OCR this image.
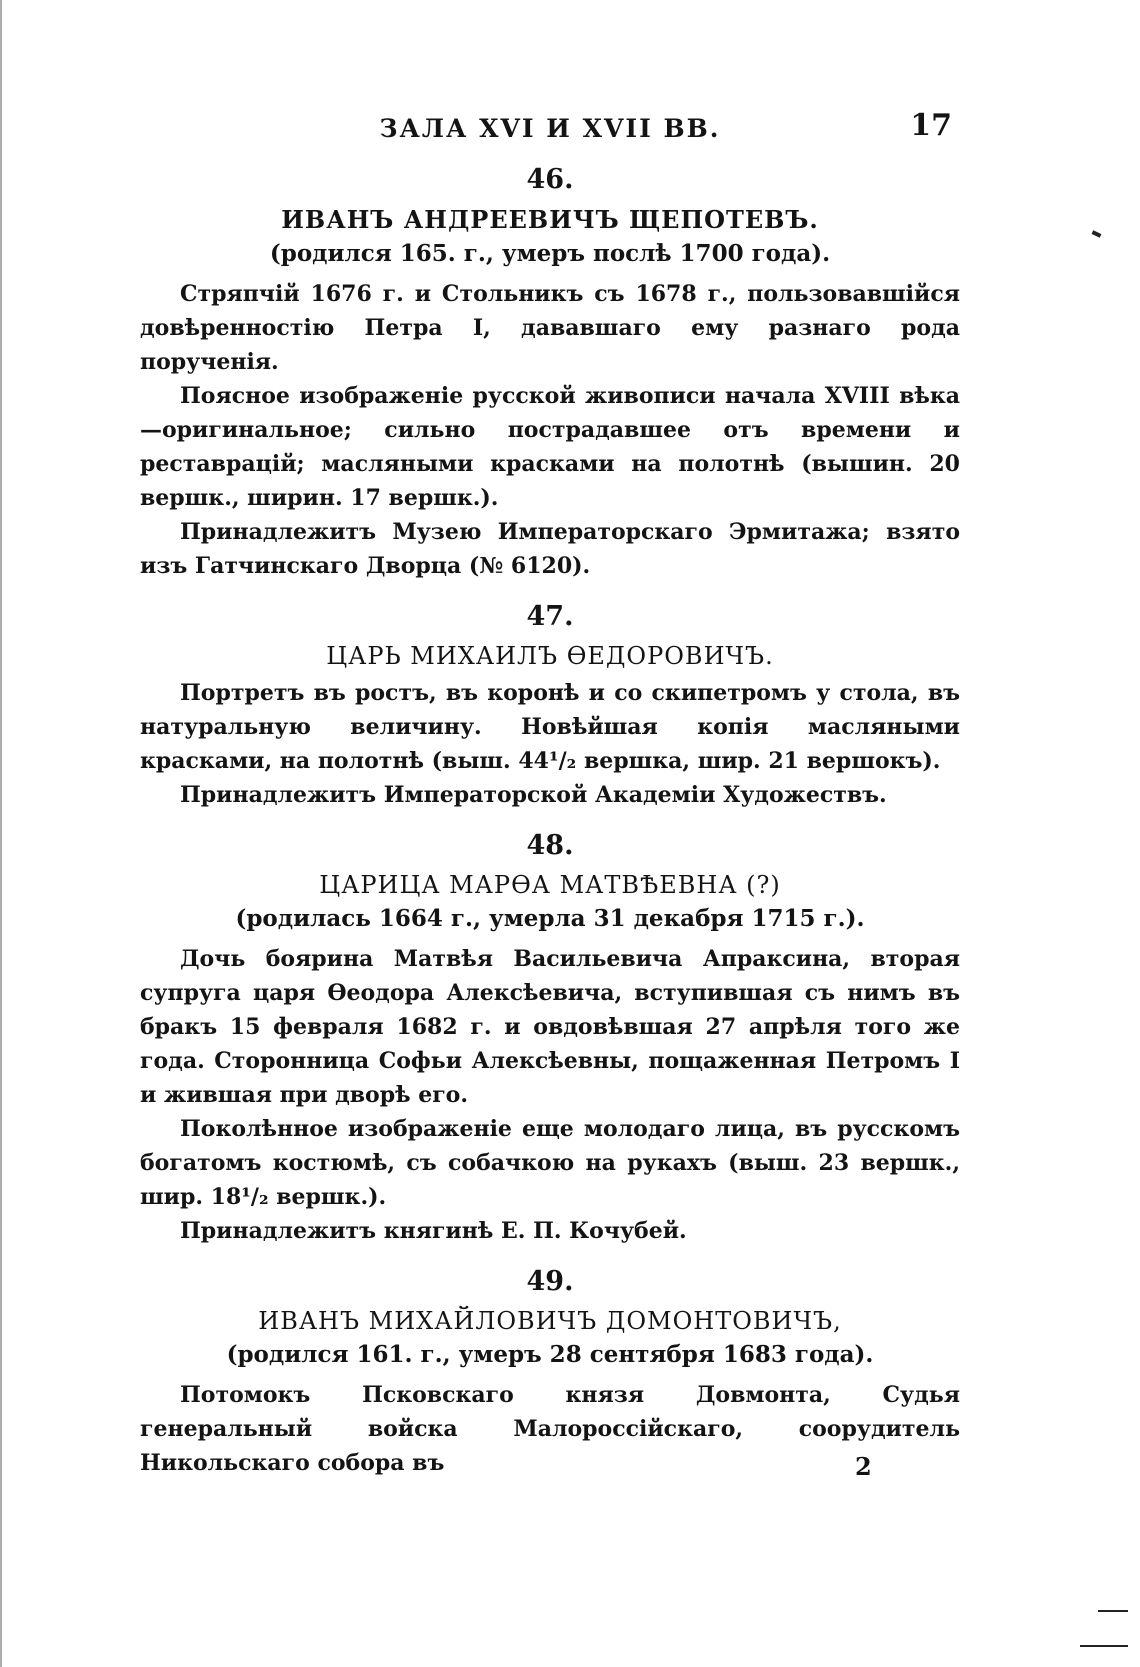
ЗАЛА XVI И XVII ВВ.	17
46.
ИВАНЪ АНДРЕЕВИЧЪ ЩЕПОТЕВЪ.
(родился 165. г., умеръ послѣ 1700 года).

Стряпчій 1676 г. и Стольникъ съ 1678 г., пользовавшійся довѣренностію Петра I, дававшаго ему разнаго рода порученія.

Поясное изображеніе русской живописи начала XVIII вѣка—оригинальное; сильно пострадавшее отъ времени и реставрацій; масляными красками на полотнѣ (вышин. 20 вершк., ширин. 17 вершк.).

Принадлежитъ Музею Императорскаго Эрмитажа; взято изъ Гатчинскаго Дворца (№ 6120).

47.
ЦАРЬ МИХАИЛЪ ѲЕДОРОВИЧЪ.

Портретъ въ ростъ, въ коронѣ и со скипетромъ у стола, въ натуральную величину. Новѣйшая копія масляными красками, на полотнѣ (выш. 44¹/₂ вершка, шир. 21 вершокъ).

Принадлежитъ Императорской Академіи Художествъ.

48.
ЦАРИЦА МАРѲА МАТВѢЕВНА (?)
(родилась 1664 г., умерла 31 декабря 1715 г.).

Дочь боярина Матвѣя Васильевича Апраксина, вторая супруга царя Ѳеодора Алексѣевича, вступившая съ нимъ въ бракъ 15 февраля 1682 г. и овдовѣвшая 27 апрѣля того же года. Сторонница Софьи Алексѣевны, пощаженная Петромъ I и жившая при дворѣ его.

Поколѣнное изображеніе еще молодаго лица, въ русскомъ богатомъ костюмѣ, съ собачкою на рукахъ (выш. 23 вершк., шир. 18¹/₂ вершк.).

Принадлежитъ княгинѣ Е. П. Кочубей.

49.
ИВАНЪ МИХАЙЛОВИЧЪ ДОМОНТОВИЧЪ,
(родился 161. г., умеръ 28 сентября 1683 года).

Потомокъ Псковскаго князя Довмонта, Судья генеральный войска Малороссійскаго, соорудитель Никольскаго собора въ	2
